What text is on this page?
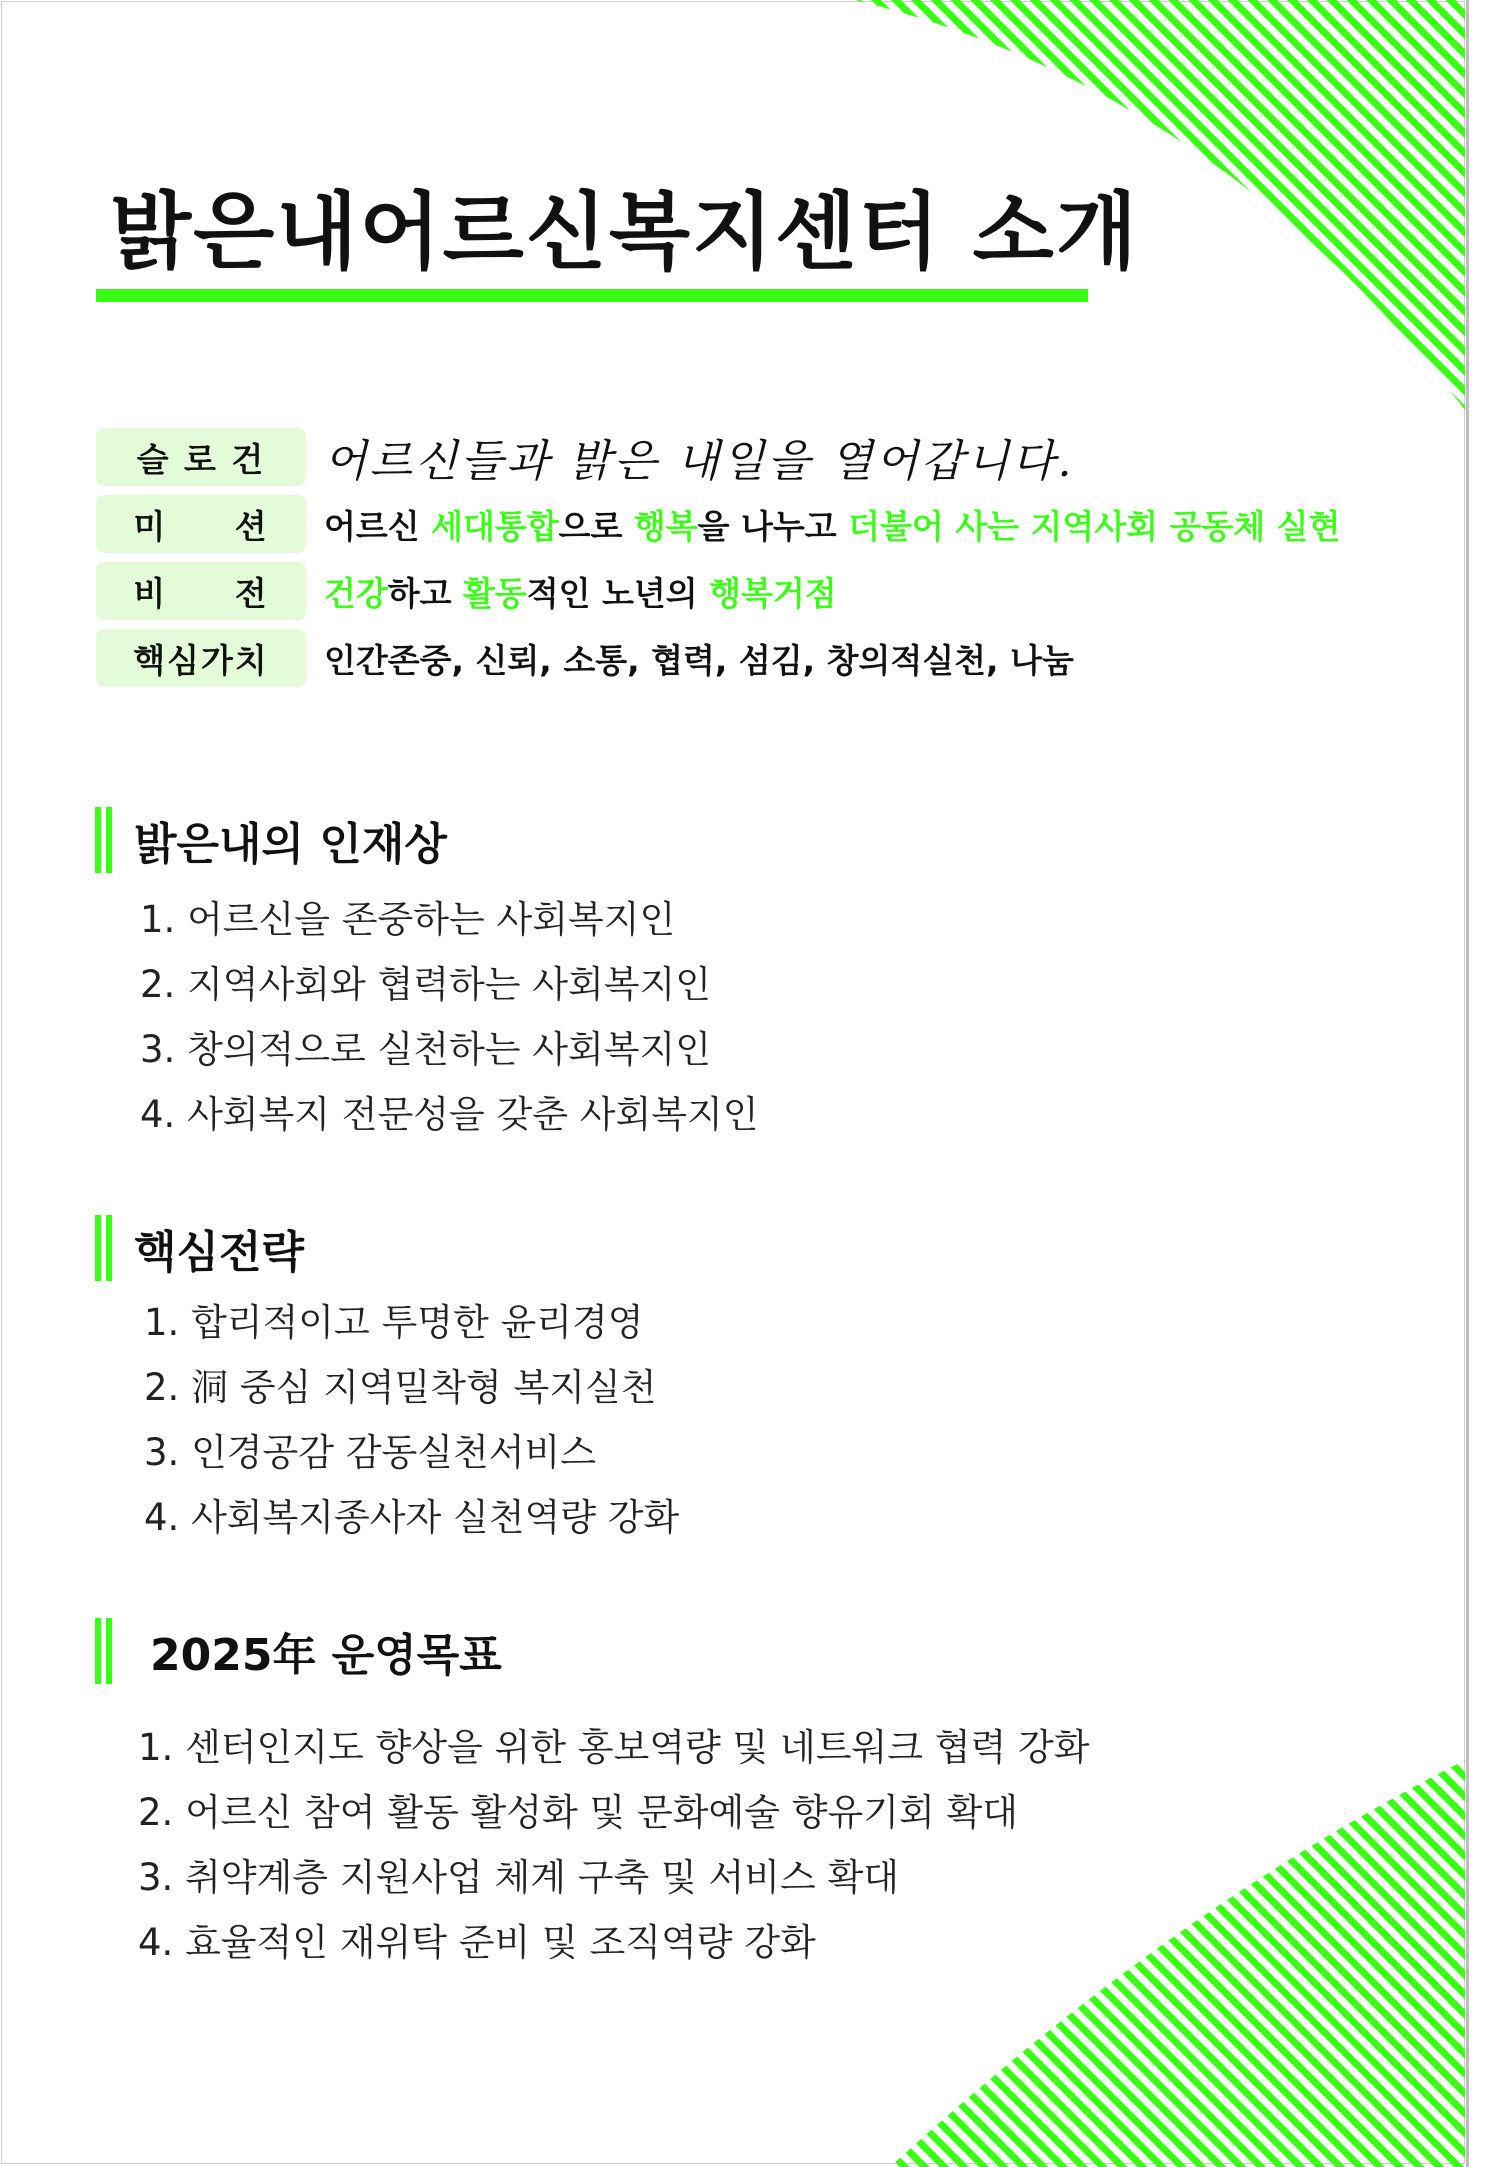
밝은내어르신복지센터 소개
슬 로 건	어르신들과 밝은 내일을 열어갑니다.
미     션	어르신 세대통합으로 행복을 나누고 더불어 사는 지역사회 공동체 실현
비     전	건강하고 활동적인 노년의 행복거점
핵심가치	인간존중, 신뢰, 소통, 협력, 섬김, 창의적실천, 나눔
밝은내의 인재상
1. 어르신을 존중하는 사회복지인
2. 지역사회와 협력하는 사회복지인
3. 창의적으로 실천하는 사회복지인
4. 사회복지 전문성을 갖춘 사회복지인
핵심전략
1. 합리적이고 투명한 윤리경영
2. 洞 중심 지역밀착형 복지실천
3. 인경공감 감동실천서비스
4. 사회복지종사자 실천역량 강화
2025年 운영목표
1. 센터인지도 향상을 위한 홍보역량 및 네트워크 협력 강화
2. 어르신 참여 활동 활성화 및 문화예술 향유기회 확대
3. 취약계층 지원사업 체계 구축 및 서비스 확대
4. 효율적인 재위탁 준비 및 조직역량 강화
